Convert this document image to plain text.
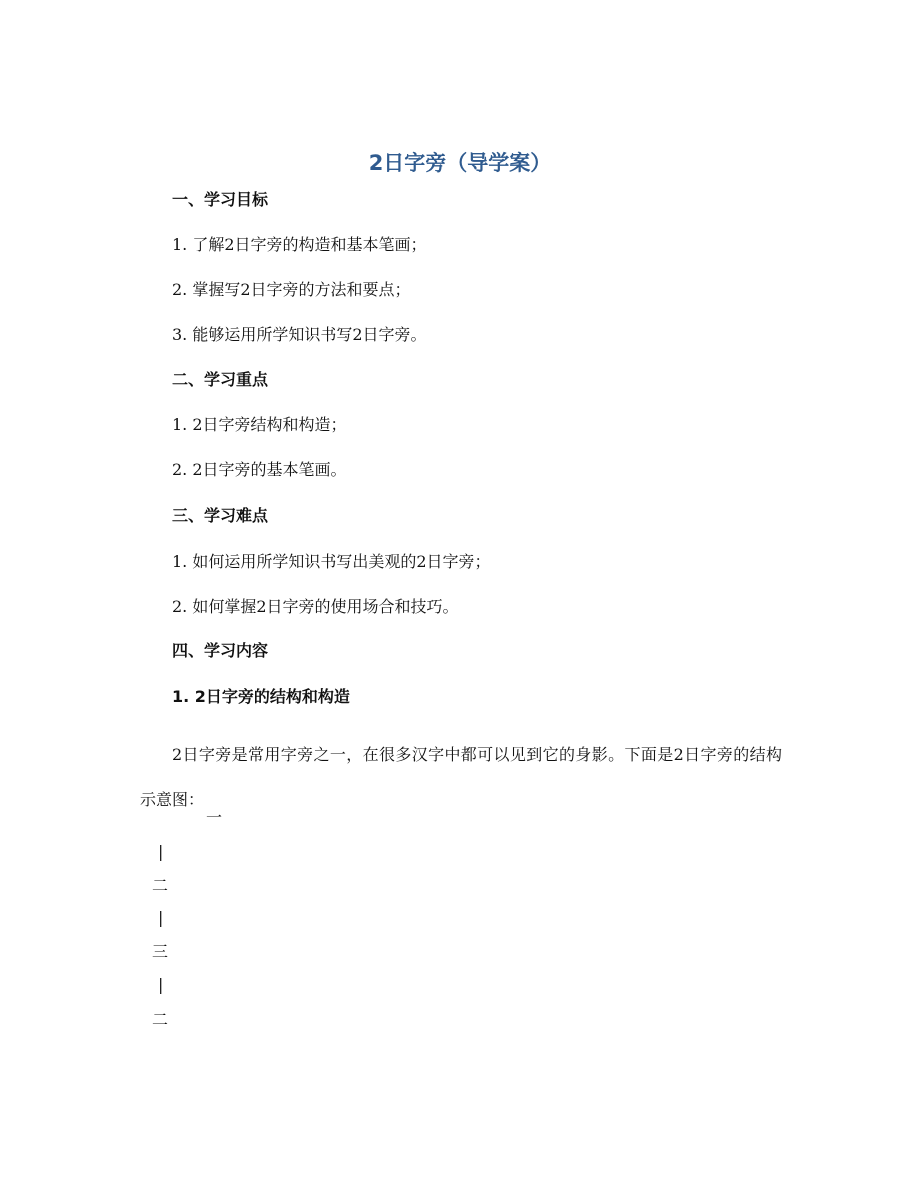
2日字旁（导学案）
一、学习目标
1. 了解2日字旁的构造和基本笔画；
2. 掌握写2日字旁的方法和要点；
3. 能够运用所学知识书写2日字旁。
二、学习重点
1. 2日字旁结构和构造；
2. 2日字旁的基本笔画。
三、学习难点
1. 如何运用所学知识书写出美观的2日字旁；
2. 如何掌握2日字旁的使用场合和技巧。
四、学习内容
1. 2日字旁的结构和构造
2日字旁是常用字旁之一，在很多汉字中都可以见到它的身影。下面是2日字旁的结构示意图：
一
|
二
|
三
|
二
